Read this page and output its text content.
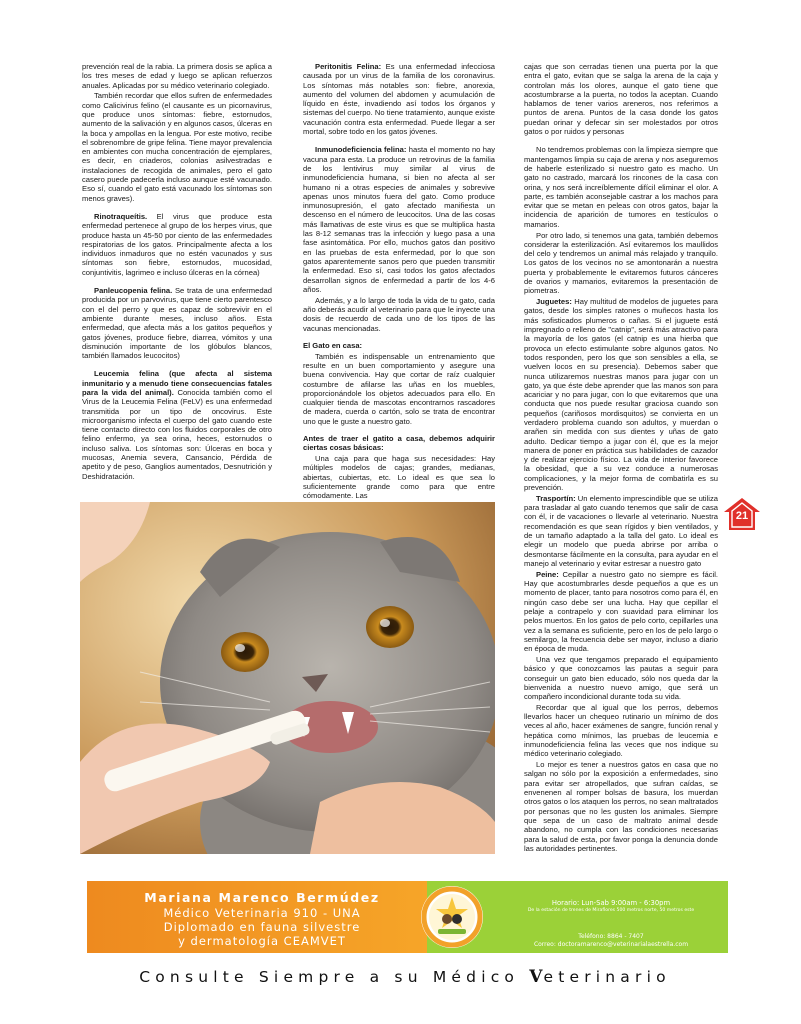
prevención real de la rabia. La primera dosis se aplica a los tres meses de edad y luego se aplican refuerzos anuales. Aplicadas por su médico veterinario colegiado.

También recordar que ellos sufren de enfermedades como Calicivirus felino (el causante es un picornavirus, que produce unos síntomas: fiebre, estornudos, aumento de la salivación y en algunos casos, úlceras en la boca y ampollas en la lengua. Por este motivo, recibe el sobrenombre de gripe felina. Tiene mayor prevalencia en ambientes con mucha concentración de ejemplares, es decir, en criaderos, colonias asilvestradas e instalaciones de recogida de animales, pero el gato casero puede padecerla incluso aunque esté vacunado. Eso sí, cuando el gato está vacunado los síntomas son menos graves).

Rinotraqueítis. El virus que produce esta enfermedad pertenece al grupo de los herpes virus, que produce hasta un 45-50 por ciento de las enfermedades respiratorias de los gatos. Principalmente afecta a los individuos inmaduros que no estén vacunados y sus síntomas son fiebre, estornudos, mucosidad, conjuntivitis, lagrimeo e incluso úlceras en la córnea)

Panleucopenia felina. Se trata de una enfermedad producida por un parvovirus, que tiene cierto parentesco con el del perro y que es capaz de sobrevivir en el ambiente durante meses, incluso años. Esta enfermedad, que afecta más a los gatitos pequeños y gatos jóvenes, produce fiebre, diarrea, vómitos y una disminución importante de los glóbulos blancos, también llamados leucocitos)

Leucemia felina (que afecta al sistema inmunitario y a menudo tiene consecuencias fatales para la vida del animal). Conocida también como el Virus de la Leucemia Felina (FeLV) es una enfermedad transmitida por un tipo de oncovirus. Este microorganismo infecta el cuerpo del gato cuando este tiene contacto directo con los fluidos corporales de otro felino enfermo, ya sea orina, heces, estornudos o incluso saliva. Los síntomas son: Úlceras en boca y mucosas, Anemia severa, Cansancio, Pérdida de apetito y de peso, Ganglios aumentados, Desnutrición y Deshidratación.

Peritonitis Felina: Es una enfermedad infecciosa causada por un virus de la familia de los coronavirus. Los síntomas más notables son: fiebre, anorexia, aumento del volumen del abdomen y acumulación de líquido en éste, invadiendo así todos los órganos y sistemas del cuerpo. No tiene tratamiento, aunque existe vacunación contra esta enfermedad. Puede llegar a ser mortal, sobre todo en los gatos jóvenes.

Inmunodeficiencia felina: hasta el momento no hay vacuna para esta. La produce un retrovirus de la familia de los lentivirus muy similar al virus de inmunodeficiencia humana, si bien no afecta al ser humano ni a otras especies de animales y sobrevive apenas unos minutos fuera del gato. Como produce inmunosupresión, el gato afectado manifiesta un descenso en el número de leucocitos. Una de las cosas más llamativas de este virus es que se multiplica hasta las 8-12 semanas tras la infección y luego pasa a una fase asintomática. Por ello, muchos gatos dan positivo en las pruebas de esta enfermedad, por lo que son gatos aparentemente sanos pero que pueden transmitir la enfermedad. Eso sí, casi todos los gatos afectados desarrollan signos de enfermedad a partir de los 4-6 años.

Además, y a lo largo de toda la vida de tu gato, cada año deberás acudir al veterinario para que le inyecte una dosis de recuerdo de cada uno de los tipos de las vacunas mencionadas.

El Gato en casa:

También es indispensable un entrenamiento que resulte en un buen comportamiento y asegure una buena convivencia. Hay que cortar de raíz cualquier costumbre de afilarse las uñas en los muebles, proporcionándole los objetos adecuados para ello. En cualquier tienda de mascotas encontrarnos rascadores de madera, cuerda o cartón, solo se trata de encontrar uno que le guste a nuestro gato.

Antes de traer el gatito a casa, debemos adquirir ciertas cosas básicas:

Una caja para que haga sus necesidades: Hay múltiples modelos de cajas; grandes, medianas, abiertas, cubiertas, etc. Lo ideal es que sea lo suficientemente grande como para que entre cómodamente. Las

cajas que son cerradas tienen una puerta por la que entra el gato, evitan que se salga la arena de la caja y controlan más los olores, aunque el gato tiene que acostumbrarse a la puerta, no todos la aceptan. Cuando hablamos de tener varios areneros, nos referimos a puntos de arena. Puntos de la casa donde los gatos puedan orinar y defecar sin ser molestados por otros gatos o por ruidos y personas

No tendremos problemas con la limpieza siempre que mantengamos limpia su caja de arena y nos aseguremos de haberle esterilizado si nuestro gato es macho. Un gato no castrado, marcará los rincones de la casa con orina, y nos será increíblemente difícil eliminar el olor. A parte, es también aconsejable castrar a los machos para evitar que se metan en peleas con otros gatos, bajar la incidencia de aparición de tumores en testículos o mamarios.

Por otro lado, si tenemos una gata, también debemos considerar la esterilización. Así evitaremos los maullidos del celo y tendremos un animal más relajado y tranquilo. Los gatos de los vecinos no se amontonarán a nuestra puerta y probablemente le evitaremos futuros cánceres de ovarios y mamarios, evitaremos la presentación de piometras.

Juguetes: Hay multitud de modelos de juguetes para gatos, desde los simples ratones o muñecos hasta los más sofisticados plumeros o cañas. Si el juguete está impregnado o relleno de "catnip", será más atractivo para la mayoría de los gatos (el catnip es una hierba que provoca un efecto estimulante sobre algunos gatos. No todos responden, pero los que son sensibles a ella, se vuelven locos en su presencia). Debemos saber que nunca utilizaremos nuestras manos para jugar con un gato, ya que éste debe aprender que las manos son para acariciar y no para jugar, con lo que evitaremos que una conducta que nos puede resultar graciosa cuando son pequeños (cariñosos mordisquitos) se convierta en un verdadero problema cuando son adultos, y muerdan o arañen sin medida con sus dientes y uñas de gato adulto. Dedicar tiempo a jugar con él, que es la mejor manera de poner en práctica sus habilidades de cazador y de realizar ejercicio físico. La vida de interior favorece la obesidad, que a su vez conduce a numerosas complicaciones, y la mejor forma de combatirla es su prevención.

Trasportín: Un elemento imprescindible que se utiliza para trasladar al gato cuando tenemos que salir de casa con él, ir de vacaciones o llevarle al veterinario. Nuestra recomendación es que sean rígidos y bien ventilados, y de un tamaño adaptado a la talla del gato. Lo ideal es elegir un modelo que pueda abrirse por arriba o desmontarse fácilmente en la consulta, para ayudar en el manejo al veterinario y evitar estresar a nuestro gato

Peine: Cepillar a nuestro gato no siempre es fácil. Hay que acostumbrarles desde pequeños a que es un momento de placer, tanto para nosotros como para él, en ningún caso debe ser una lucha. Hay que cepillar el pelaje a contrapelo y con suavidad para eliminar los pelos muertos. En los gatos de pelo corto, cepillarles una vez a la semana es suficiente, pero en los de pelo largo o semilargo, la frecuencia debe ser mayor, incluso a diario en época de muda.

Una vez que tengamos preparado el equipamiento básico y que conozcamos las pautas a seguir para conseguir un gato bien educado, sólo nos queda dar la bienvenida a nuestro nuevo amigo, que será un compañero incondicional durante toda su vida.

Recordar que al igual que los perros, debemos llevarlos hacer un chequeo rutinario un mínimo de dos veces al año, hacer exámenes de sangre, función renal y hepática como mínimos, las pruebas de leucemia e inmunodeficiencia felina las veces que nos indique su médico veterinario colegiado.

Lo mejor es tener a nuestros gatos en casa que no salgan no sólo por la exposición a enfermedades, sino para evitar ser atropellados, que sufran caídas, se envenenen al romper bolsas de basura, los muerdan otros gatos o los ataquen los perros, no sean maltratados por personas que no les gusten los animales. Siempre que sepa de un caso de maltrato animal desde abandono, no cumpla con las condiciones necesarias para la salud de esta, por favor ponga la denuncia donde las autoridades pertinentes.

21
Mariana Marenco Bermúdez
Médico Veterinaria 910 - UNA
Diplomado en fauna silvestre
y dermatología CEAMVET
Horario: Lun-Sab 9:00am - 6:30pm
De la estación de trenes de Miraflores 500 metros norte, 50 metros este
Teléfono: 8864 - 7407
Correo: doctoramarenco@veterinarialaestrella.com
Consulte Siempre a su Médico Veterinario
